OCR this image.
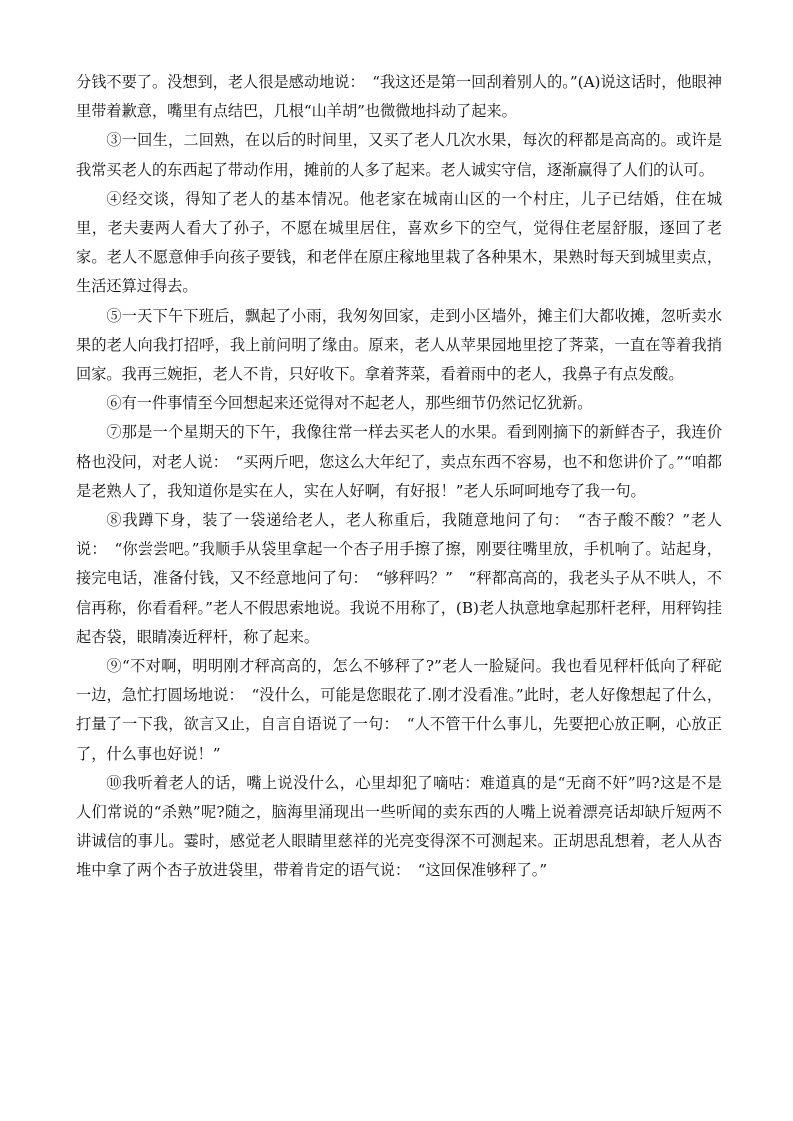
分钱不要了。没想到，老人很是感动地说：　“我这还是第一回刮着别人的。”(A)说这话时，他眼神里带着歉意，嘴里有点结巴，几根“山羊胡”也微微地抖动了起来。

③一回生，二回熟，在以后的时间里，又买了老人几次水果，每次的秤都是高高的。或许是我常买老人的东西起了带动作用，摊前的人多了起来。老人诚实守信，逐渐赢得了人们的认可。

④经交谈，得知了老人的基本情况。他老家在城南山区的一个村庄，儿子已结婚，住在城里，老夫妻两人看大了孙子，不愿在城里居住，喜欢乡下的空气，觉得住老屋舒服，逐回了老家。老人不愿意伸手向孩子要钱，和老伴在原庄稼地里栽了各种果木，果熟时每天到城里卖点，生活还算过得去。

⑤一天下午下班后，飘起了小雨，我匆匆回家，走到小区墙外，摊主们大都收摊，忽听卖水果的老人向我打招呼，我上前问明了缘由。原来，老人从苹果园地里挖了荠菜，一直在等着我捎回家。我再三婉拒，老人不肯，只好收下。拿着荠菜，看着雨中的老人，我鼻子有点发酸。

⑥有一件事情至今回想起来还觉得对不起老人，那些细节仍然记忆犹新。

⑦那是一个星期天的下午，我像往常一样去买老人的水果。看到刚摘下的新鲜杏子，我连价格也没问，对老人说：　“买两斤吧，您这么大年纪了，卖点东西不容易，也不和您讲价了。”“咱都是老熟人了，我知道你是实在人，实在人好啊，有好报！”老人乐呵呵地夸了我一句。

⑧我蹲下身，装了一袋递给老人，老人称重后，我随意地问了句：　“杏子酸不酸？”老人说：　“你尝尝吧。”我顺手从袋里拿起一个杏子用手擦了擦，刚要往嘴里放，手机响了。站起身，接完电话，准备付钱，又不经意地问了句：　“够秤吗？”　“秤都高高的，我老头子从不哄人，不信再称，你看看秤。”老人不假思索地说。我说不用称了，(B)老人执意地拿起那杆老秤，用秤钩挂起杏袋，眼睛凑近秤杆，称了起来。

⑨“不对啊，明明刚才秤高高的，怎么不够秤了?”老人一脸疑问。我也看见秤杆低向了秤砣一边，急忙打圆场地说：　“没什么，可能是您眼花了.刚才没看准。”此时，老人好像想起了什么，打量了一下我，欲言又止，自言自语说了一句：　“人不管干什么事儿，先要把心放正啊，心放正了，什么事也好说！”

⑩我听着老人的话，嘴上说没什么，心里却犯了嘀咕：难道真的是“无商不奸”吗?这是不是人们常说的“杀熟”呢?随之，脑海里涌现出一些听闻的卖东西的人嘴上说着漂亮话却缺斤短两不讲诚信的事儿。霎时，感觉老人眼睛里慈祥的光亮变得深不可测起来。正胡思乱想着，老人从杏堆中拿了两个杏子放进袋里，带着肯定的语气说：　“这回保准够秤了。”
